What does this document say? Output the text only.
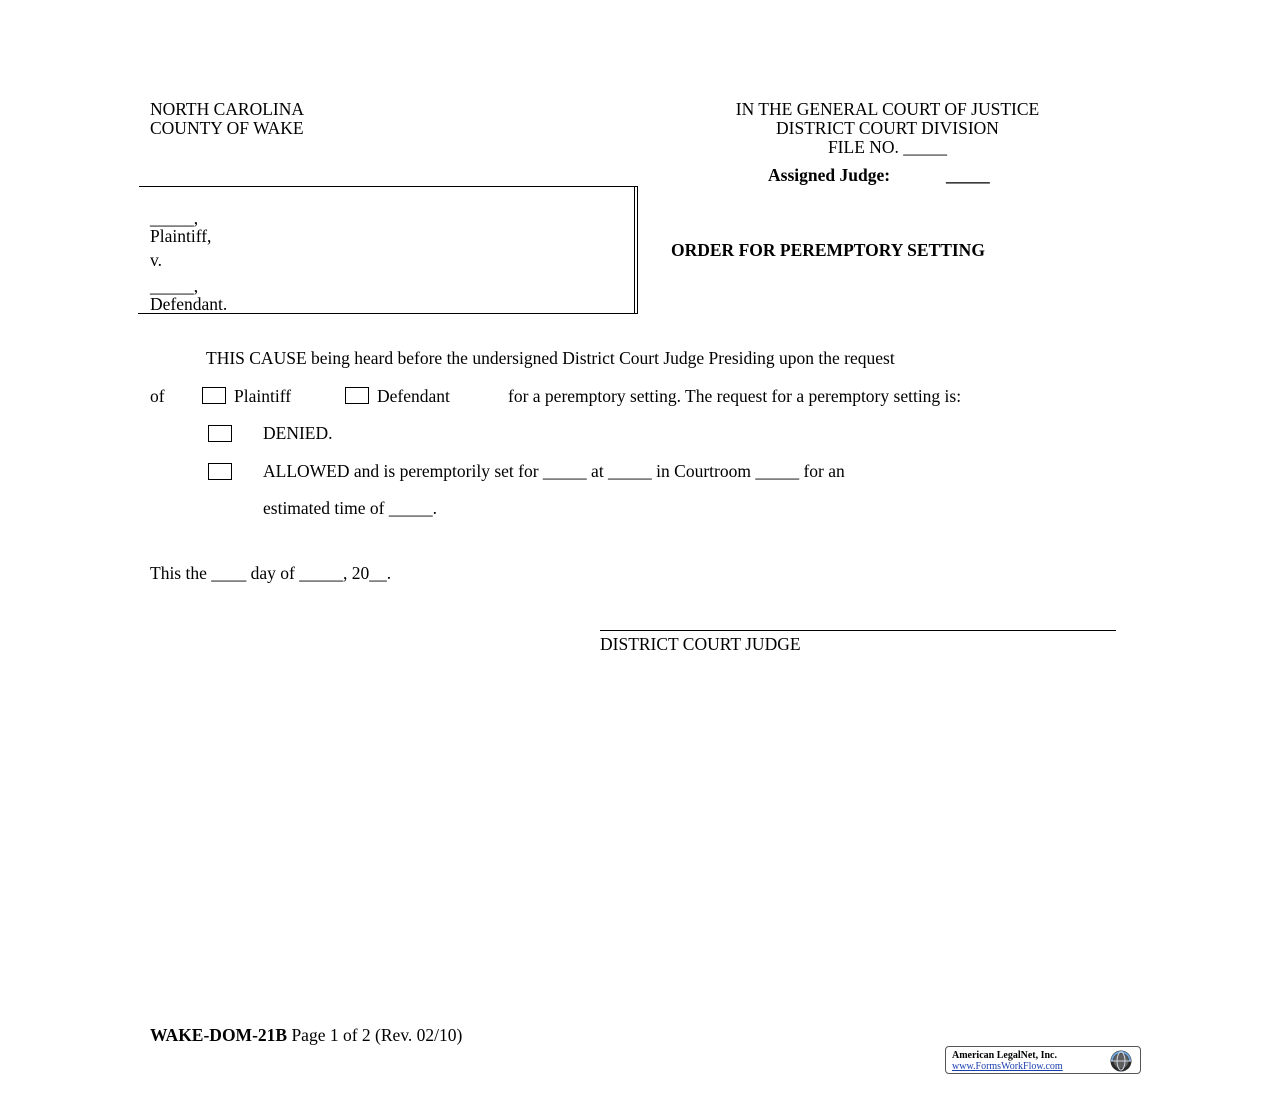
NORTH CAROLINA
COUNTY OF WAKE
IN THE GENERAL COURT OF JUSTICE
DISTRICT COURT DIVISION
FILE NO. _____
Assigned Judge:	_____
_____,
Plaintiff,
v.
_____,
Defendant.
ORDER FOR PEREMPTORY SETTING
THIS CAUSE being heard before the undersigned District Court Judge Presiding upon the request
of	Plaintiff	Defendant	for a peremptory setting. The request for a peremptory setting is:
DENIED.
ALLOWED and is peremptorily set for _____ at _____ in Courtroom _____ for an
estimated time of _____.
This the ____ day of _____, 20__.
DISTRICT COURT JUDGE
WAKE-DOM-21B Page 1 of 2 (Rev. 02/10)
American LegalNet, Inc.
www.FormsWorkFlow.com
